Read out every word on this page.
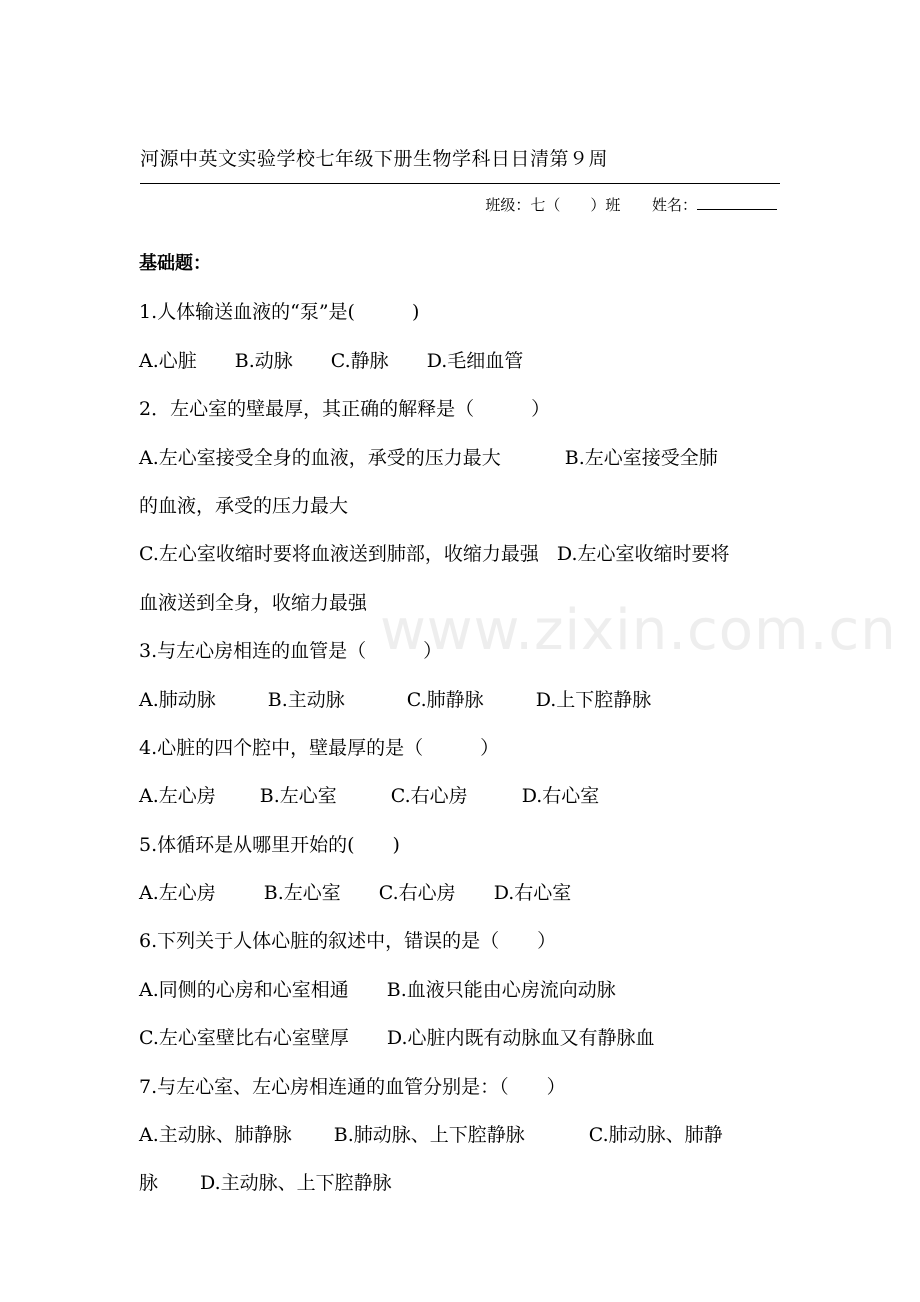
河源中英文实验学校七年级下册生物学科日日清第９周
班级：七（　　）班 姓名：
www.zixin.com.cn
基础题：
1.人体输送血液的“泵”是(　　　)
A.心脏 B.动脉 C.静脉 D.毛细血管
2．左心室的壁最厚，其正确的解释是（　　　）
A.左心室接受全身的血液，承受的压力最大	B.左心室接受全肺
的血液，承受的压力最大
C.左心室收缩时要将血液送到肺部，收缩力最强 D.左心室收缩时要将
血液送到全身，收缩力最强
3.与左心房相连的血管是（　　　）
A.肺动脉	B.主动脉	C.肺静脉	D.上下腔静脉
4.心脏的四个腔中，壁最厚的是（　　　）
A.左心房 B.左心室	C.右心房	D.右心室
5.体循环是从哪里开始的(　　)
A.左心房	B.左心室 C.右心房 D.右心室
6.下列关于人体心脏的叙述中，错误的是（　　）
A.同侧的心房和心室相通 B.血液只能由心房流向动脉
C.左心室壁比右心室壁厚 D.心脏内既有动脉血又有静脉血
7.与左心室、左心房相连通的血管分别是：（　　）
A.主动脉、肺静脉 B.肺动脉、上下腔静脉	C.肺动脉、肺静
脉 D.主动脉、上下腔静脉
